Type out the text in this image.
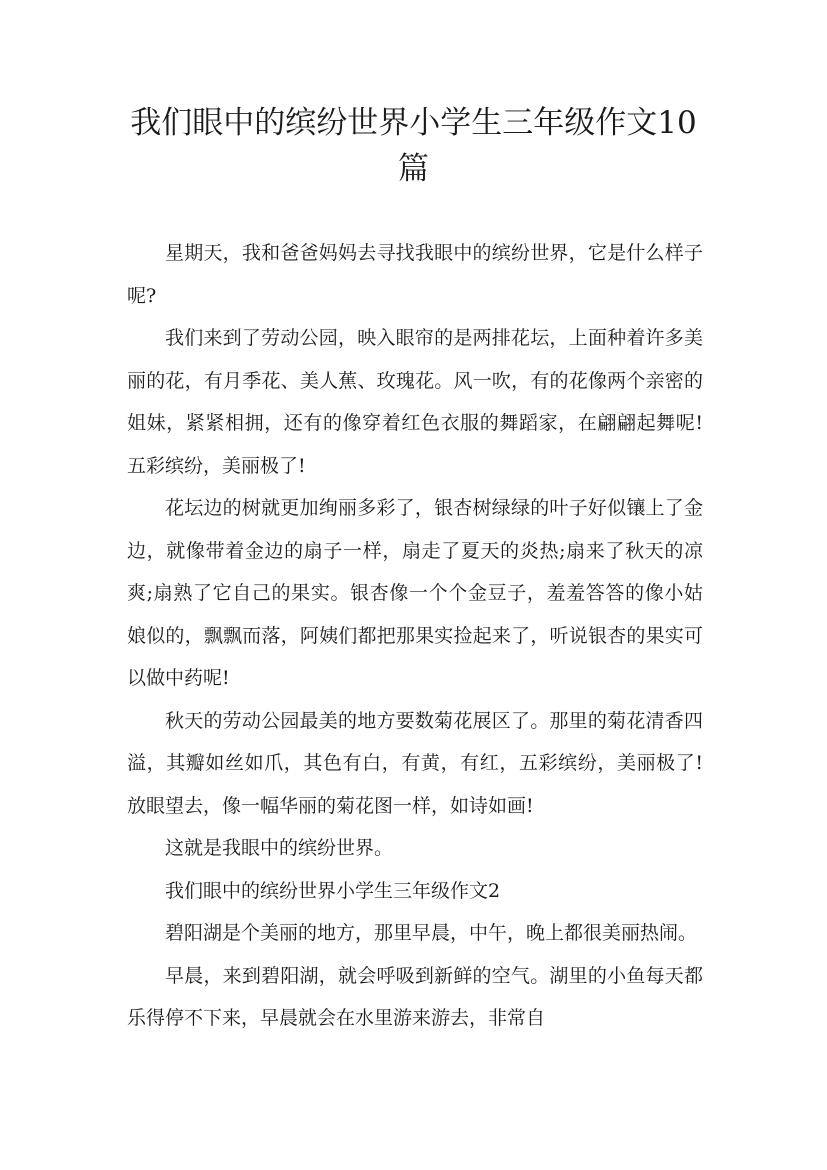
我们眼中的缤纷世界小学生三年级作文10篇

星期天，我和爸爸妈妈去寻找我眼中的缤纷世界，它是什么样子呢?

我们来到了劳动公园，映入眼帘的是两排花坛，上面种着许多美丽的花，有月季花、美人蕉、玫瑰花。风一吹，有的花像两个亲密的姐妹，紧紧相拥，还有的像穿着红色衣服的舞蹈家，在翩翩起舞呢!五彩缤纷，美丽极了!

花坛边的树就更加绚丽多彩了，银杏树绿绿的叶子好似镶上了金边，就像带着金边的扇子一样，扇走了夏天的炎热;扇来了秋天的凉爽;扇熟了它自己的果实。银杏像一个个金豆子，羞羞答答的像小姑娘似的，飘飘而落，阿姨们都把那果实捡起来了，听说银杏的果实可以做中药呢!

秋天的劳动公园最美的地方要数菊花展区了。那里的菊花清香四溢，其瓣如丝如爪，其色有白，有黄，有红，五彩缤纷，美丽极了!放眼望去，像一幅华丽的菊花图一样，如诗如画!

这就是我眼中的缤纷世界。

我们眼中的缤纷世界小学生三年级作文2

碧阳湖是个美丽的地方，那里早晨，中午，晚上都很美丽热闹。

早晨，来到碧阳湖，就会呼吸到新鲜的空气。湖里的小鱼每天都乐得停不下来，早晨就会在水里游来游去，非常自
